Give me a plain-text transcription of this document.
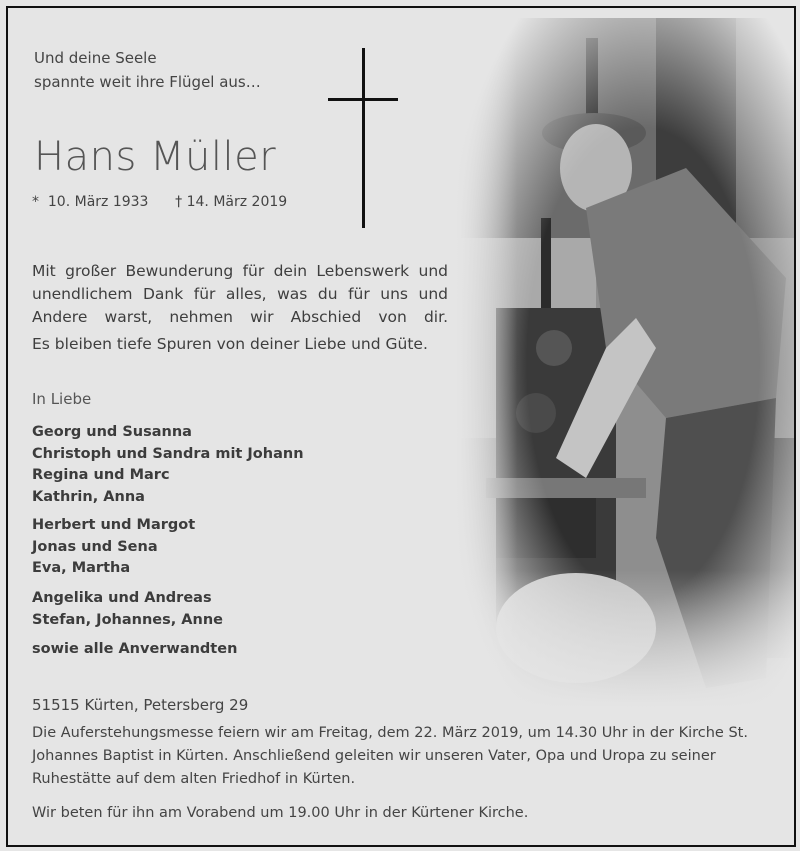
Und deine Seele
spannte weit ihre Flügel aus…
Hans Müller
*  10. März 1933 † 14. März 2019
Mit großer Bewunderung für dein Lebenswerk und unendlichem Dank für alles, was du für uns und Andere warst, nehmen wir Abschied von dir.
Es bleiben tiefe Spuren von deiner Liebe und Güte.
In Liebe
Georg und Susanna
Christoph und Sandra mit Johann
Regina und Marc
Kathrin, Anna
Herbert und Margot
Jonas und Sena
Eva, Martha
Angelika und Andreas
Stefan, Johannes, Anne
sowie alle Anverwandten
51515 Kürten, Petersberg 29
Die Auferstehungsmesse feiern wir am Freitag, dem 22. März 2019, um 14.30 Uhr in der Kirche St. Johannes Baptist in Kürten. Anschließend geleiten wir unseren Vater, Opa und Uropa zu seiner Ruhestätte auf dem alten Friedhof in Kürten.
Wir beten für ihn am Vorabend um 19.00 Uhr in der Kürtener Kirche.
